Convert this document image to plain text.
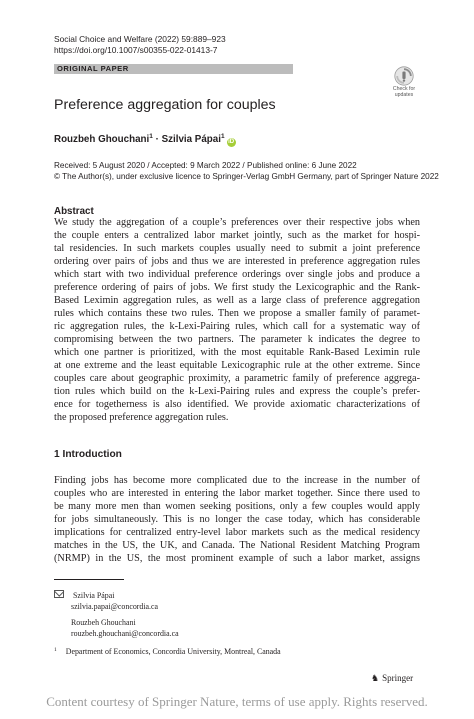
Social Choice and Welfare (2022) 59:889–923
https://doi.org/10.1007/s00355-022-01413-7
ORIGINAL PAPER
Check for
updates
Preference aggregation for couples
Rouzbeh Ghouchani$^1$ · Szilvia Pápai$^1$iD
Received: 5 August 2020 / Accepted: 9 March 2022 / Published online: 6 June 2022
© The Author(s), under exclusive licence to Springer-Verlag GmbH Germany, part of Springer Nature 2022
Abstract
We study the aggregation of a couple’s preferences over their respective jobs when
the couple enters a centralized labor market jointly, such as the market for hospi-
tal residencies. In such markets couples usually need to submit a joint preference
ordering over pairs of jobs and thus we are interested in preference aggregation rules
which start with two individual preference orderings over single jobs and produce a
preference ordering of pairs of jobs. We first study the Lexicographic and the Rank-
Based Leximin aggregation rules, as well as a large class of preference aggregation
rules which contains these two rules. Then we propose a smaller family of paramet-
ric aggregation rules, the k-Lexi-Pairing rules, which call for a systematic way of
compromising between the two partners. The parameter k indicates the degree to
which one partner is prioritized, with the most equitable Rank-Based Leximin rule
at one extreme and the least equitable Lexicographic rule at the other extreme. Since
couples care about geographic proximity, a parametric family of preference aggrega-
tion rules which build on the k-Lexi-Pairing rules and express the couple’s prefer-
ence for togetherness is also identified. We provide axiomatic characterizations of
the proposed preference aggregation rules.
1 Introduction
Finding jobs has become more complicated due to the increase in the number of
couples who are interested in entering the labor market together. Since there used to
be many more men than women seeking positions, only a few couples would apply
for jobs simultaneously. This is no longer the case today, which has considerable
implications for centralized entry-level labor markets such as the medical residency
matches in the US, the UK, and Canada. The National Resident Matching Program
(NRMP) in the US, the most prominent example of such a labor market, assigns
Szilvia Pápai
szilvia.papai@concordia.ca
Rouzbeh Ghouchani
rouzbeh.ghouchani@concordia.ca
$^1$ Department of Economics, Concordia University, Montreal, Canada
♞ Springer
Content courtesy of Springer Nature, terms of use apply. Rights reserved.
